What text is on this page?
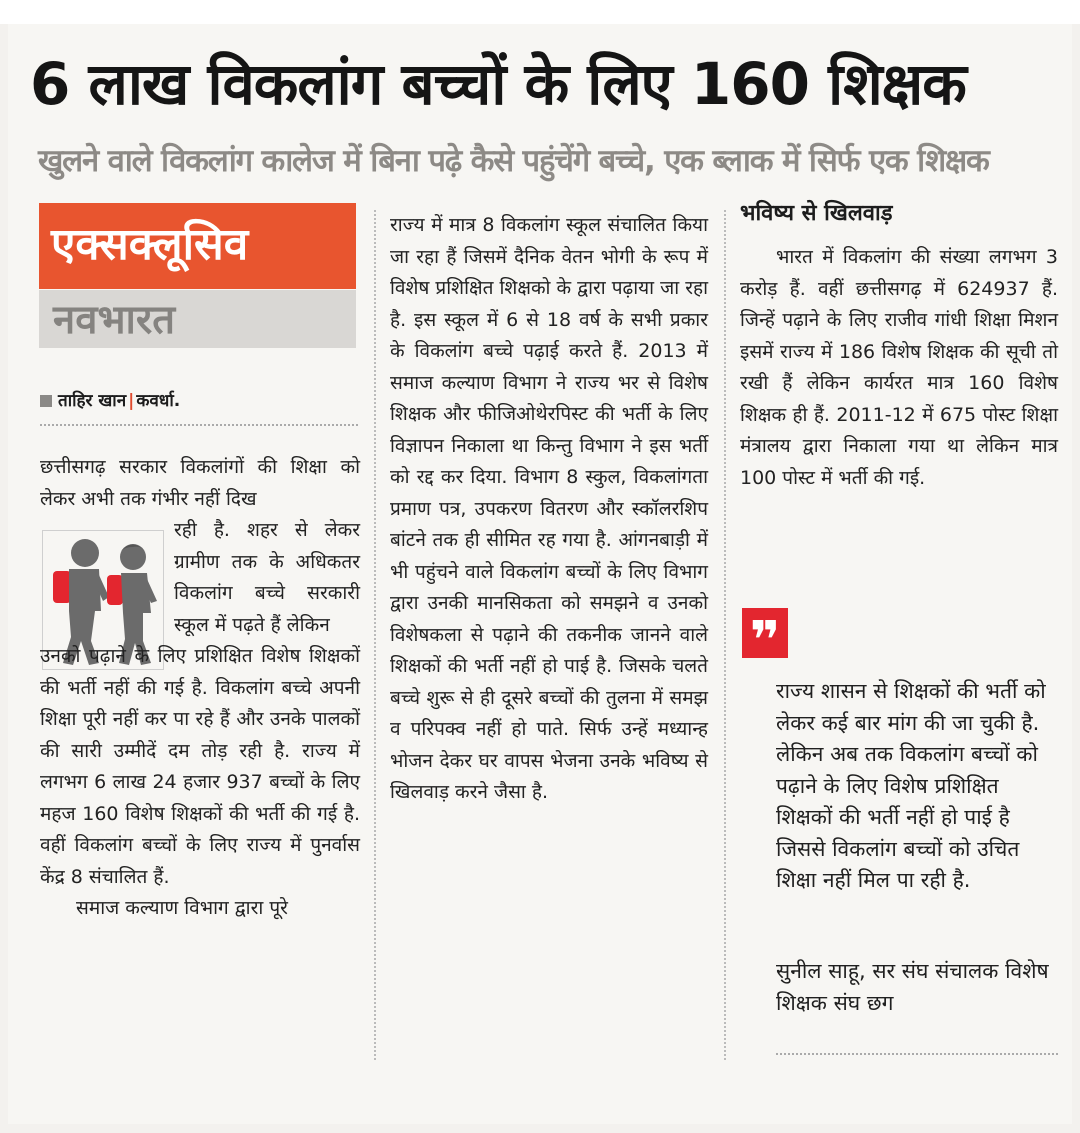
6 लाख विकलांग बच्चों के लिए 160 शिक्षक
खुलने वाले विकलांग कालेज में बिना पढ़े कैसे पहुंचेंगे बच्चे, एक ब्लाक में सिर्फ एक शिक्षक
एक्सक्लूसिव
नवभारत
ताहिर खान | कवर्धा.

छत्तीसगढ़ सरकार विकलांगों की शिक्षा को लेकर अभी तक गंभीर नहीं दिख

रही है. शहर से लेकर ग्रामीण तक के अधिकतर विकलांग बच्चे सरकारी स्कूल में पढ़ते हैं लेकिन

उनको पढ़ाने के लिए प्रशिक्षित विशेष शिक्षकों की भर्ती नहीं की गई है. विकलांग बच्चे अपनी शिक्षा पूरी नहीं कर पा रहे हैं और उनके पालकों की सारी उम्मीदें दम तोड़ रही है. राज्य में लगभग 6 लाख 24 हजार 937 बच्चों के लिए महज 160 विशेष शिक्षकों की भर्ती की गई है. वहीं विकलांग बच्चों के लिए राज्य में पुनर्वास केंद्र 8 संचालित हैं.

समाज कल्याण विभाग द्वारा पूरे

राज्य में मात्र 8 विकलांग स्कूल संचालित किया जा रहा हैं जिसमें दैनिक वेतन भोगी के रूप में विशेष प्रशिक्षित शिक्षको के द्वारा पढ़ाया जा रहा है. इस स्कूल में 6 से 18 वर्ष के सभी प्रकार के विकलांग बच्चे पढ़ाई करते हैं. 2013 में समाज कल्याण विभाग ने राज्य भर से विशेष शिक्षक और फीजिओथेरपिस्ट की भर्ती के लिए विज्ञापन निकाला था किन्तु विभाग ने इस भर्ती को रद्द कर दिया. विभाग 8 स्कुल, विकलांगता प्रमाण पत्र, उपकरण वितरण और स्कॉलरशिप बांटने तक ही सीमित रह गया है. आंगनबाड़ी में भी पहुंचने वाले विकलांग बच्चों के लिए विभाग द्वारा उनकी मानसिकता को समझने व उनको विशेषकला से पढ़ाने की तकनीक जानने वाले शिक्षकों की भर्ती नहीं हो पाई है. जिसके चलते बच्चे शुरू से ही दूसरे बच्चों की तुलना में समझ व परिपक्व नहीं हो पाते. सिर्फ उन्हें मध्यान्ह भोजन देकर घर वापस भेजना उनके भविष्य से खिलवाड़ करने जैसा है.

भविष्य से खिलवाड़

भारत में विकलांग की संख्या लगभग 3 करोड़ हैं. वहीं छत्तीसगढ़ में 624937 हैं. जिन्हें पढ़ाने के लिए राजीव गांधी शिक्षा मिशन इसमें राज्य में 186 विशेष शिक्षक की सूची तो रखी हैं लेकिन कार्यरत मात्र 160 विशेष शिक्षक ही हैं. 2011-12 में 675 पोस्ट शिक्षा मंत्रालय द्वारा निकाला गया था लेकिन मात्र 100 पोस्ट में भर्ती की गई.

❞
राज्य शासन से शिक्षकों की भर्ती को लेकर कई बार मांग की जा चुकी है. लेकिन अब तक विकलांग बच्चों को पढ़ाने के लिए विशेष प्रशिक्षित शिक्षकों की भर्ती नहीं हो पाई है जिससे विकलांग बच्चों को उचित शिक्षा नहीं मिल पा रही है.
सुनील साहू, सर संघ संचालक विशेष शिक्षक संघ छग
